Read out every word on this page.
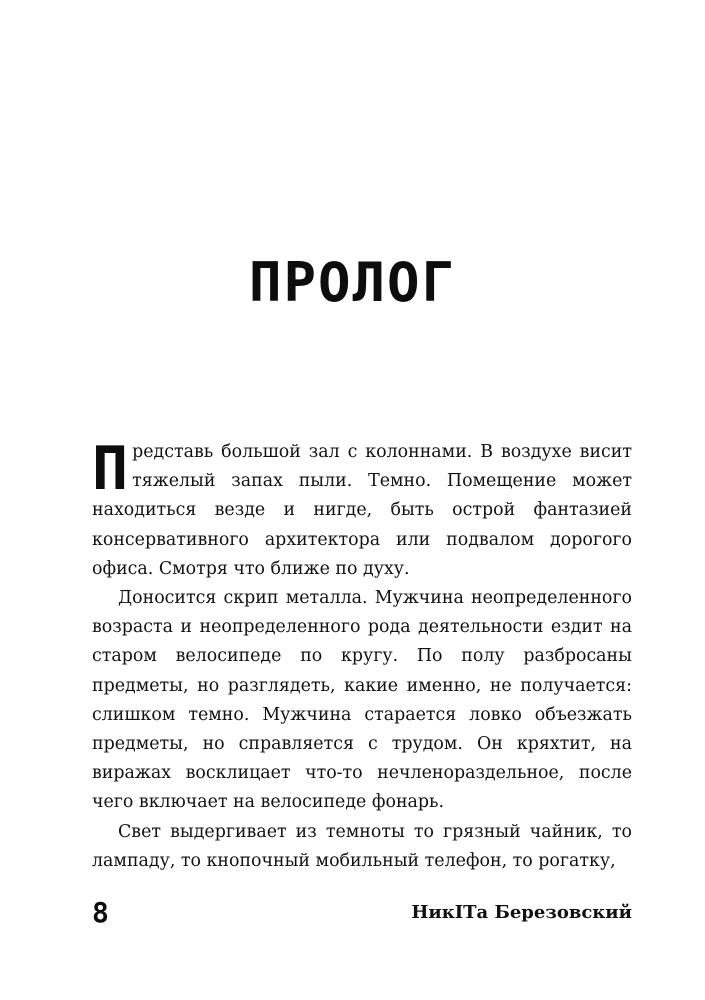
ПРОЛОГ

Представь большой зал с колоннами. В воздухе висит тяжелый запах пыли. Темно. Помещение может находиться везде и нигде, быть острой фантазией консервативного архитектора или подвалом дорогого офиса. Смотря что ближе по духу.

Доносится скрип металла. Мужчина неопределенного возраста и неопределенного рода деятельности ездит на старом велосипеде по кругу. По полу разбросаны предметы, но разглядеть, какие именно, не получается: слишком темно. Мужчина старается ловко объезжать предметы, но справляется с трудом. Он кряхтит, на виражах восклицает что-то нечленораздельное, после чего включает на велосипеде фонарь.

Свет выдергивает из темноты то грязный чайник, то лампаду, то кнопочный мобильный телефон, то рогатку,

8	НикITа Березовский
